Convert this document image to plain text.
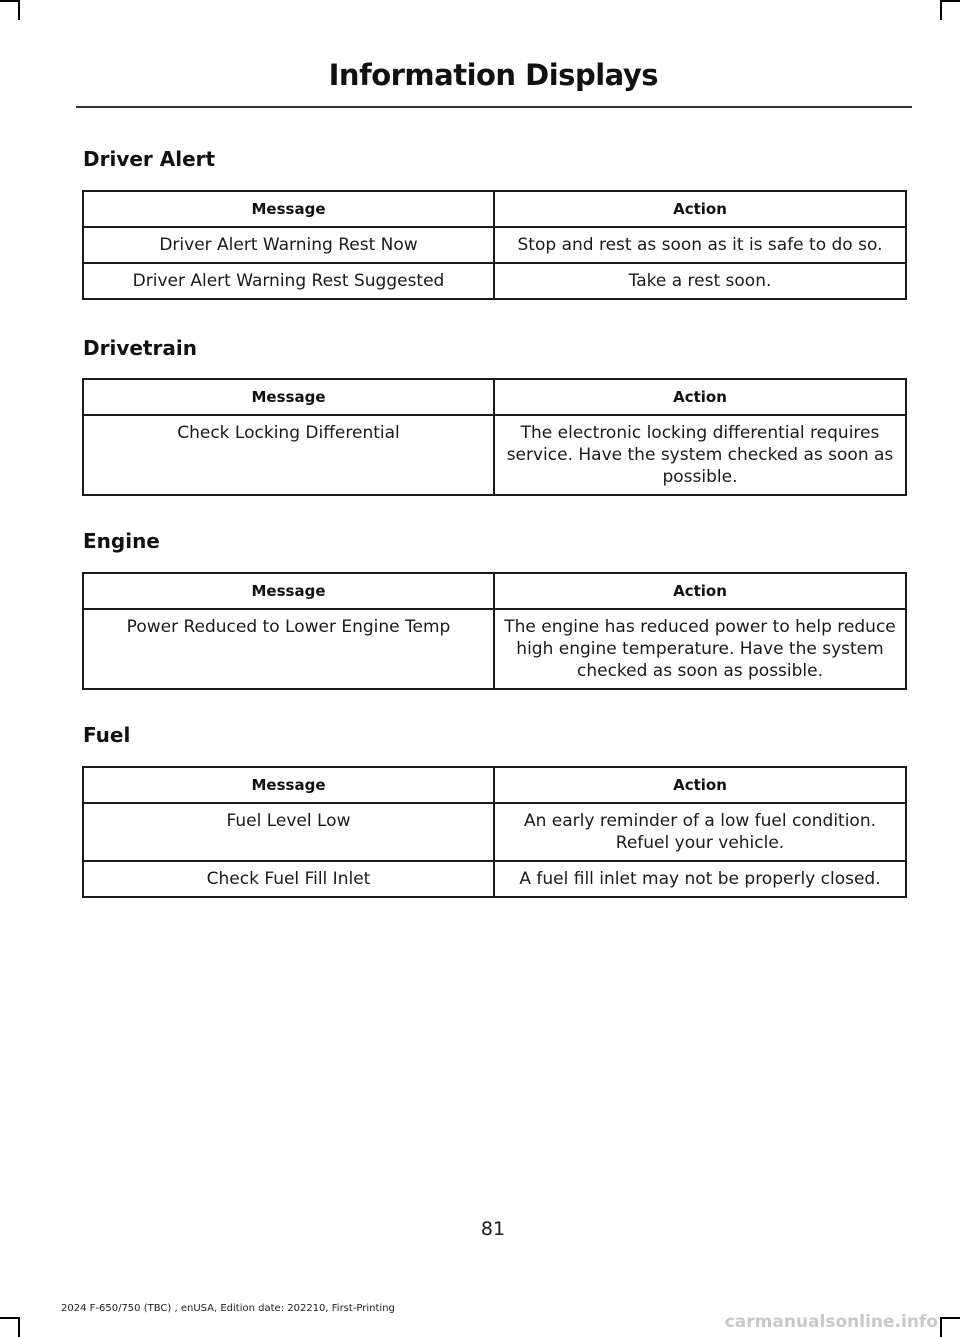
Information Displays
Driver Alert
Message	Action
Driver Alert Warning Rest Now	Stop and rest as soon as it is safe to do so.
Driver Alert Warning Rest Suggested	Take a rest soon.
Drivetrain
Message	Action
Check Locking Differential	The electronic locking differential requires service. Have the system checked as soon as possible.
Engine
Message	Action
Power Reduced to Lower Engine Temp	The engine has reduced power to help reduce high engine temperature. Have the system checked as soon as possible.
Fuel
Message	Action
Fuel Level Low	An early reminder of a low fuel condition. Refuel your vehicle.
Check Fuel Fill Inlet	A fuel fill inlet may not be properly closed.
81
2024 F-650/750 (TBC) , enUSA, Edition date: 202210, First-Printing
carmanualsonline.info
